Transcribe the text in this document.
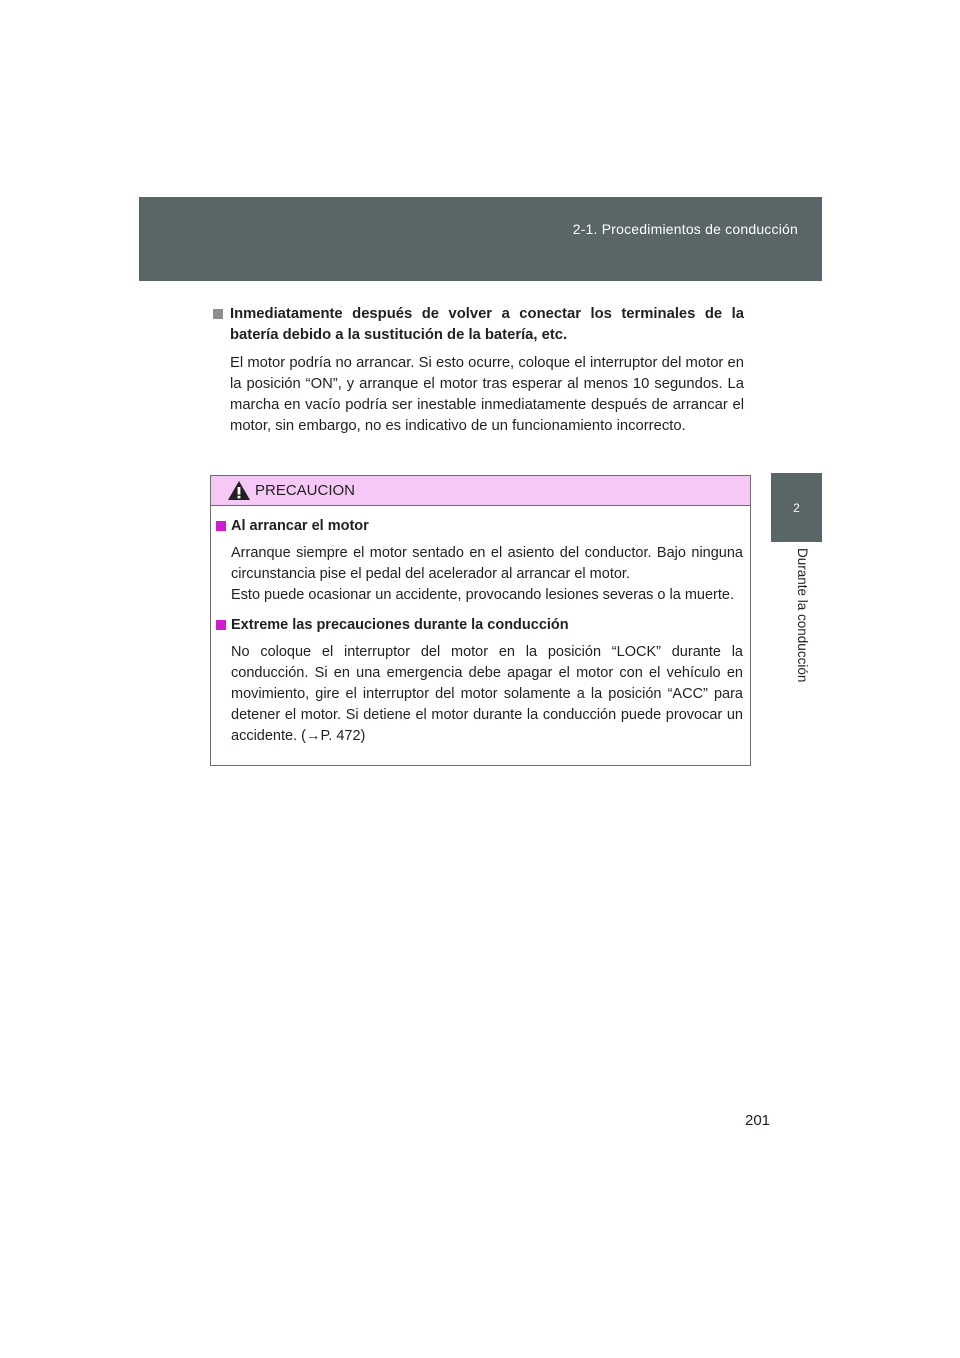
2-1. Procedimientos de conducción
2
Durante la conducción
Inmediatamente después de volver a conectar los terminales de la batería debido a la sustitución de la batería, etc.
El motor podría no arrancar. Si esto ocurre, coloque el interruptor del motor en la posición “ON”, y arranque el motor tras esperar al menos 10 segundos. La marcha en vacío podría ser inestable inmediatamente después de arrancar el motor, sin embargo, no es indicativo de un funcionamiento incorrecto.
PRECAUCION
Al arrancar el motor
Arranque siempre el motor sentado en el asiento del conductor. Bajo ninguna circunstancia pise el pedal del acelerador al arrancar el motor.
Esto puede ocasionar un accidente, provocando lesiones severas o la muerte.
Extreme las precauciones durante la conducción
No coloque el interruptor del motor en la posición “LOCK” durante la conducción. Si en una emergencia debe apagar el motor con el vehículo en movimiento, gire el interruptor del motor solamente a la posición “ACC” para detener el motor. Si detiene el motor durante la conducción puede provocar un accidente. (→P. 472)
201
